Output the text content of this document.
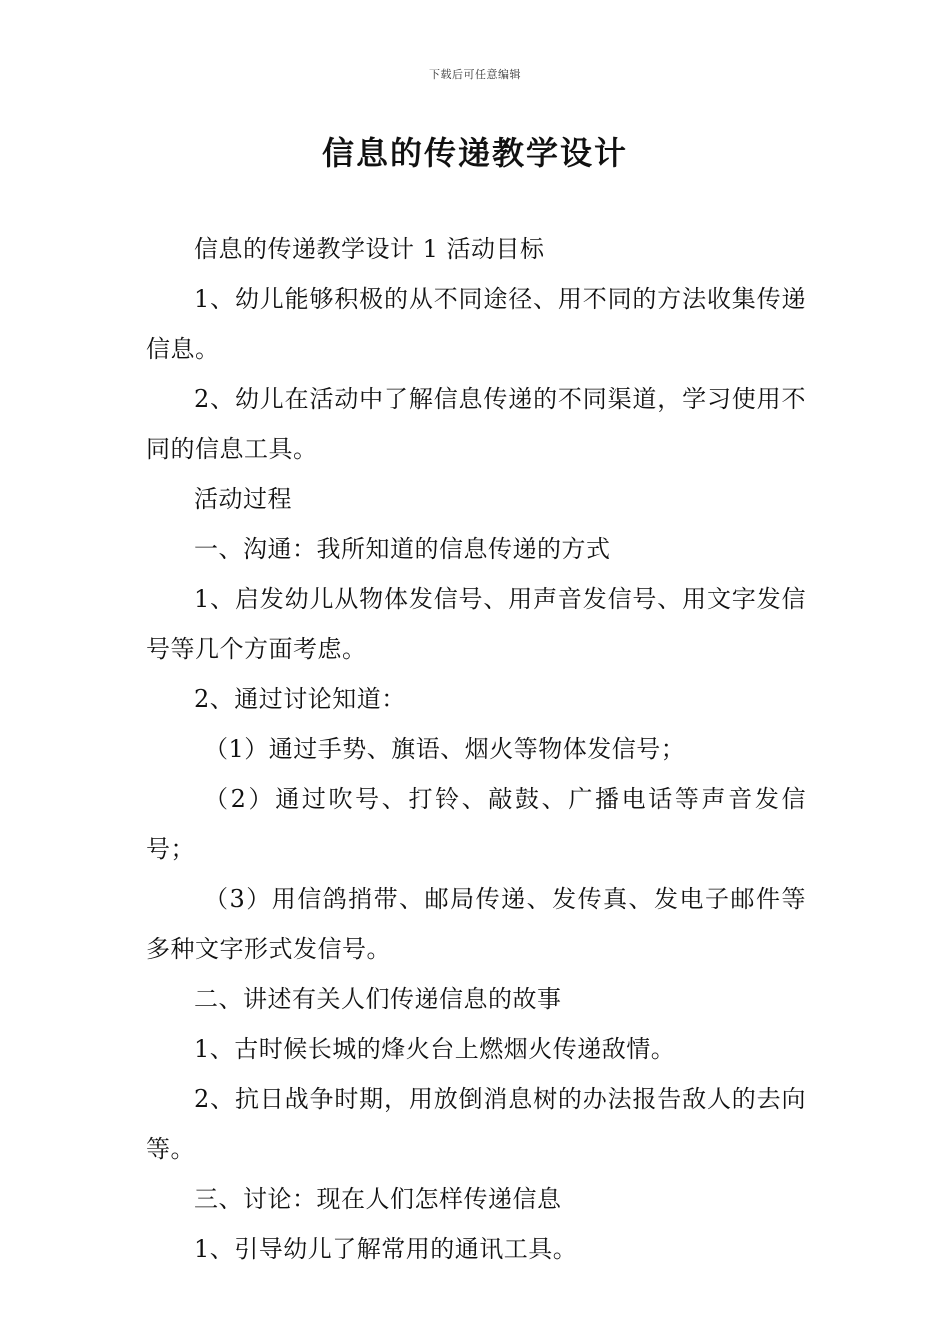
下载后可任意编辑
信息的传递教学设计

信息的传递教学设计 1 活动目标

1、幼儿能够积极的从不同途径、用不同的方法收集传递信息。

2、幼儿在活动中了解信息传递的不同渠道，学习使用不同的信息工具。

活动过程

一、沟通：我所知道的信息传递的方式

1、启发幼儿从物体发信号、用声音发信号、用文字发信号等几个方面考虑。

2、通过讨论知道：

（1）通过手势、旗语、烟火等物体发信号；

（2）通过吹号、打铃、敲鼓、广播电话等声音发信号；

（3）用信鸽捎带、邮局传递、发传真、发电子邮件等多种文字形式发信号。

二、讲述有关人们传递信息的故事

1、古时候长城的烽火台上燃烟火传递敌情。

2、抗日战争时期，用放倒消息树的办法报告敌人的去向等。

三、讨论：现在人们怎样传递信息

1、引导幼儿了解常用的通讯工具。
